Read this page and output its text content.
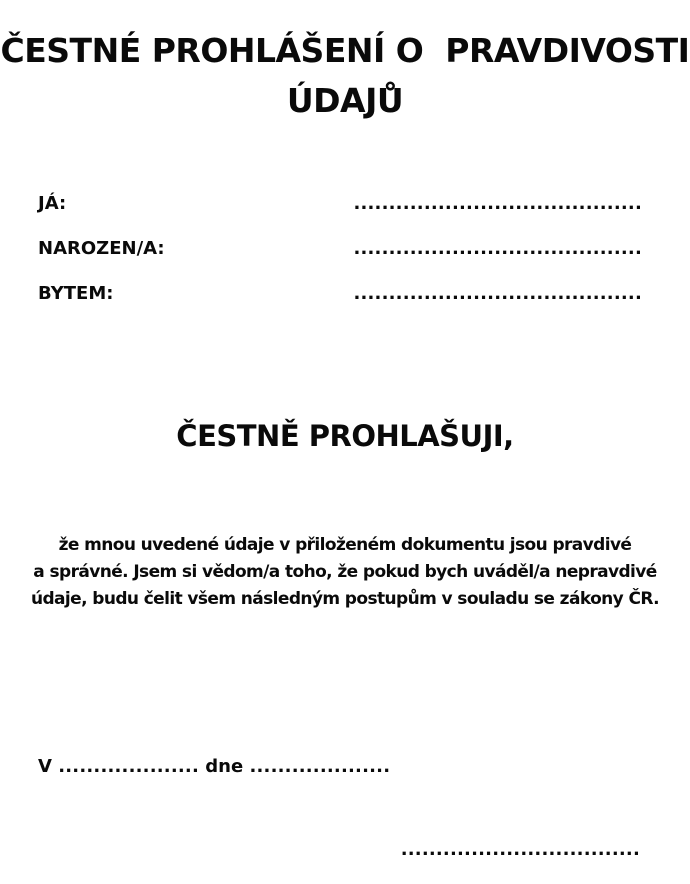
ČESTNÉ PROHLÁŠENÍ O  PRAVDIVOSTI
ÚDAJŮ
JÁ:	.........................................
NAROZEN/A:	.........................................
BYTEM:	.........................................
ČESTNĚ PROHLAŠUJI,
že mnou uvedené údaje v přiloženém dokumentu jsou pravdivé
a správné. Jsem si vědom/a toho, že pokud bych uváděl/a nepravdivé
údaje, budu čelit všem následným postupům v souladu se zákony ČR.
V .................... dne ....................
..................................
